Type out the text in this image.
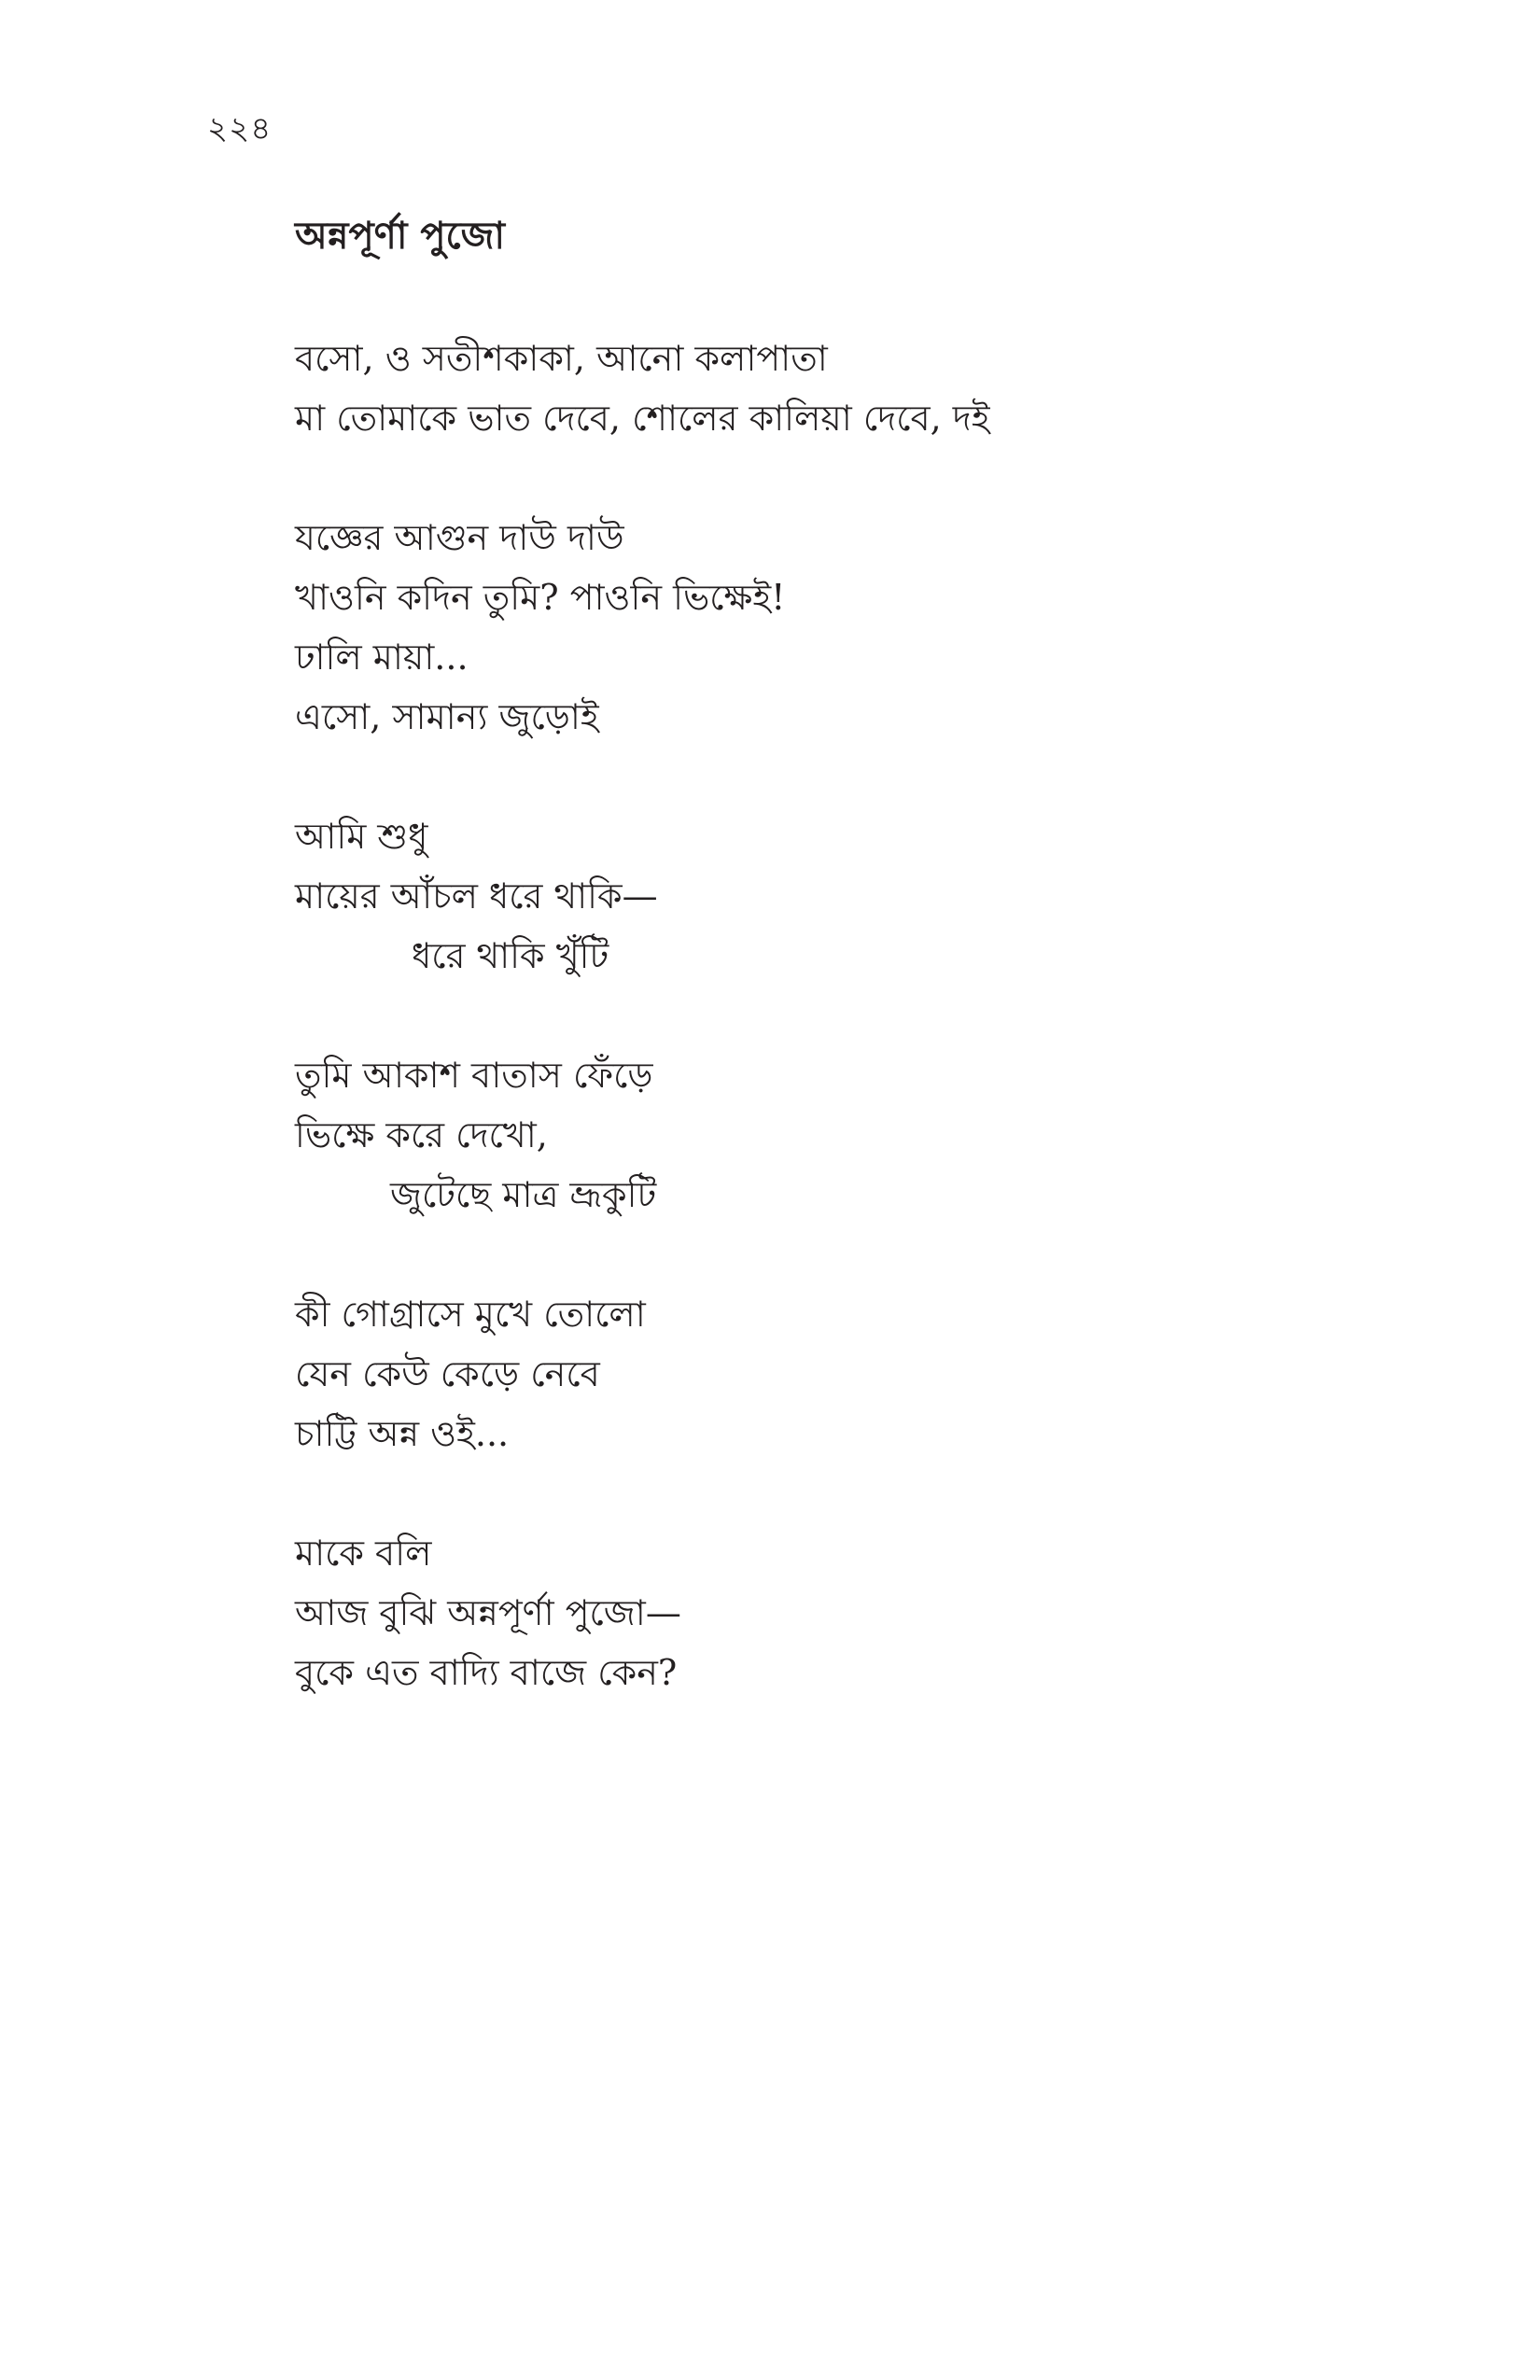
২২৪
অন্নপূর্ণা পুজো
বসো, ও সতীশকাকা, আনো কলাপাতা
মা তোমাকে ভাত দেবে, শোলের কালিয়া দেবে, দই
যজ্ঞের আগুন দাউ দাউ
খাওনি কদিন তুমি? পাওনি ভিক্ষেই!
ঢালি মায়া...
এসো, সামান্য জুড়োই
আমি শুধু
মায়ের আঁচল ধরে থাকি—
ধরে থাকি খুঁটি
তুমি আকাশ বাতাস ফেঁড়ে
ভিক্ষে করে দেখো,
জুটেছে মাত্র ভ্রূকুটি
কী গোগ্রাসে মুখে তোলো
যেন কেউ কেড়ে নেবে
চাট্টি অন্ন ওই...
মাকে বলি
আজ বুঝি অন্নপূর্ণা পুজো—
বুকে এত বাদ্যি বাজে কেন?
